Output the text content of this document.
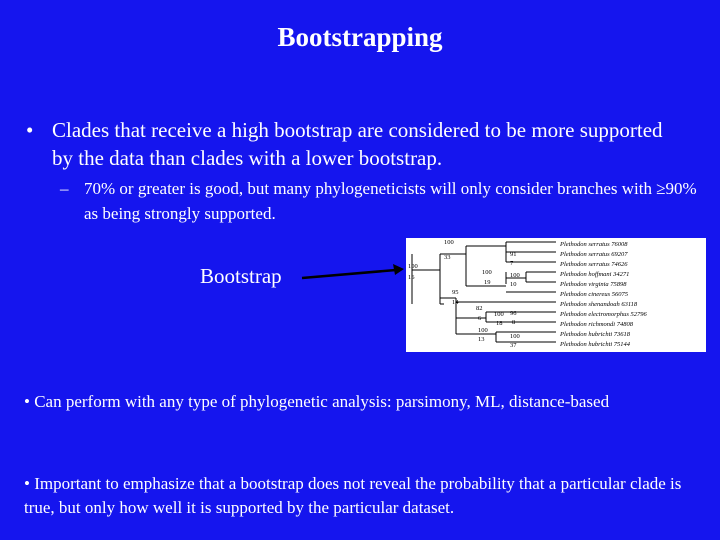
Bootstrapping
• Clades that receive a high bootstrap are considered to be more supported by the data than clades with a lower bootstrap.
– 70% or greater is good, but many phylogeneticists will only consider branches with ≥90% as being strongly supported.
Bootstrap	100
16
100
33	91
7
100
19
100
10
95
14
82
6
96
8
100
18
100
13	100
37
Plethodon serratus 76008
Plethodon serratus 69207
Plethodon serratus 74626
Plethodon hoffmani 34271
Plethodon virginia 75898
Plethodon cinereus 56075
Plethodon shenandoah 63118
Plethodon electromorphus 52796
Plethodon richmondi 74808
Plethodon hubrichti 73618
Plethodon hubrichti 75144
• Can perform with any type of phylogenetic analysis: parsimony, ML, distance-based
• Important to emphasize that a bootstrap does not reveal the probability that a particular clade is true, but only how well it is supported by the particular dataset.
